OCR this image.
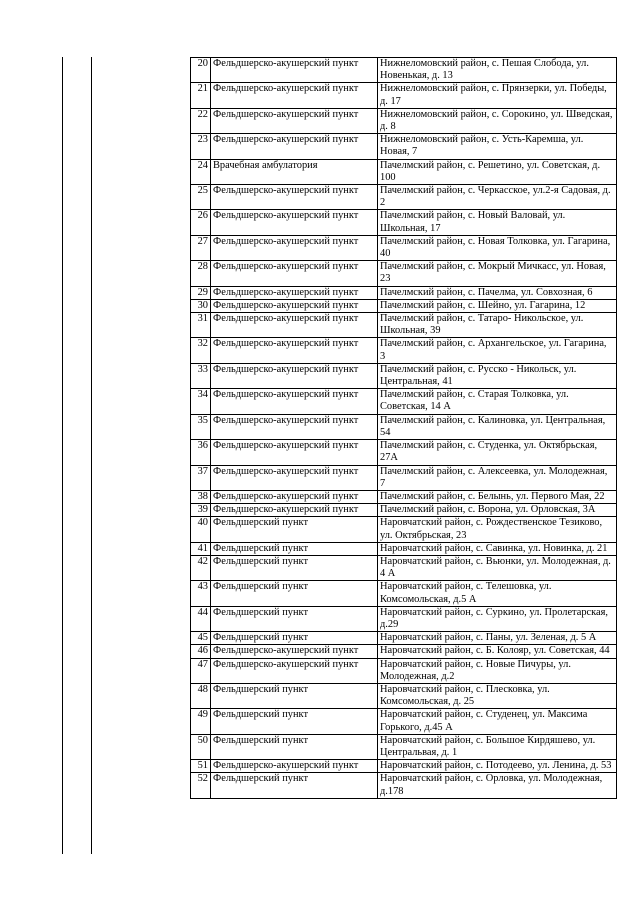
20	Фельдшерско-акушерский пункт	Нижнеломовский район, с. Пешая Слобода, ул. Новенькая, д. 13
21	Фельдшерско-акушерский пункт	Нижнеломовский район, с. Прянзерки, ул. Победы, д. 17
22	Фельдшерско-акушерский пункт	Нижнеломовский район, с. Сорокино, ул. Шведская, д. 8
23	Фельдшерско-акушерский пункт	Нижнеломовский район, с. Усть-Каремша, ул. Новая, 7
24	Врачебная амбулатория	Пачелмский район, с. Решетино, ул. Советская, д. 100
25	Фельдшерско-акушерский пункт	Пачелмский район, с. Черкасское, ул.2-я Садовая, д. 2
26	Фельдшерско-акушерский пункт	Пачелмский район, с. Новый Валовай, ул. Школьная, 17
27	Фельдшерско-акушерский пункт	Пачелмский район, с. Новая Толковка, ул. Гагарина, 40
28	Фельдшерско-акушерский пункт	Пачелмский район, с. Мокрый Мичкасс, ул. Новая, 23
29	Фельдшерско-акушерский пункт	Пачелмский район, с. Пачелма, ул. Совхозная, 6
30	Фельдшерско-акушерский пункт	Пачелмский район, с. Шейно, ул. Гагарина, 12
31	Фельдшерско-акушерский пункт	Пачелмский район, с. Татаро- Никольское, ул. Школьная, 39
32	Фельдшерско-акушерский пункт	Пачелмский район, с. Архангельское, ул. Гагарина, 3
33	Фельдшерско-акушерский пункт	Пачелмский район, с. Русско - Никольск, ул. Центральная, 41
34	Фельдшерско-акушерский пункт	Пачелмский район, с. Старая Толковка, ул. Советская, 14 А
35	Фельдшерско-акушерский пункт	Пачелмский район, с. Калиновка, ул. Центральная, 54
36	Фельдшерско-акушерский пункт	Пачелмский район, с. Студенка, ул. Октябрьская, 27А
37	Фельдшерско-акушерский пункт	Пачелмский район, с. Алексеевка, ул. Молодежная, 7
38	Фельдшерско-акушерский пункт	Пачелмский район, с. Белынь, ул. Первого Мая, 22
39	Фельдшерско-акушерский пункт	Пачелмский район, с. Ворона, ул. Орловская, 3А
40	Фельдшерский пункт	Наровчатский район, с. Рождественское Тезиково, ул. Октябрьская, 23
41	Фельдшерский пункт	Наровчатский район, с. Савинка, ул. Новинка, д. 21
42	Фельдшерский пункт	Наровчатский район, с. Вьюнки, ул. Молодежная, д. 4 А
43	Фельдшерский пункт	Наровчатский район, с. Телешовка, ул. Комсомольская, д.5 А
44	Фельдшерский пункт	Наровчатский район, с. Суркино, ул. Пролетарская, д.29
45	Фельдшерский пункт	Наровчатский район, с. Паны, ул. Зеленая, д. 5 А
46	Фельдшерско-акушерский пункт	Наровчатский район, с. Б. Колояр, ул. Советская, 44
47	Фельдшерско-акушерский пункт	Наровчатский район, с. Новые Пичуры, ул. Молодежная, д.2
48	Фельдшерский пункт	Наровчатский район, с. Плесковка, ул. Комсомольская, д. 25
49	Фельдшерский пункт	Наровчатский район, с. Студенец, ул. Максима Горького, д.45 А
50	Фельдшерский пункт	Наровчатский район, с. Большое Кирдяшево, ул. Центральвая, д. 1
51	Фельдшерско-акушерский пункт	Наровчатский район, с. Потодеево, ул. Ленина, д. 53
52	Фельдшерский пункт	Наровчатский район, с. Орловка, ул. Молодежная, д.178
